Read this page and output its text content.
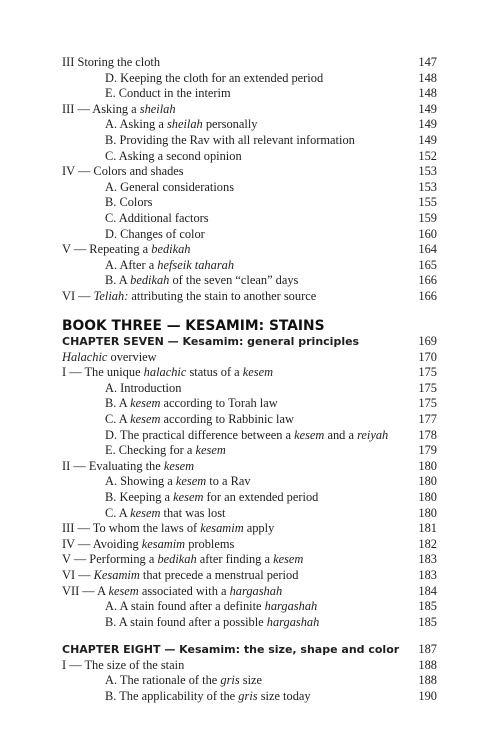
III Storing the cloth	147
D. Keeping the cloth for an extended period	148
E. Conduct in the interim	148
III — Asking a sheilah	149
A. Asking a sheilah personally	149
B. Providing the Rav with all relevant information	149
C. Asking a second opinion	152
IV — Colors and shades	153
A. General considerations	153
B. Colors	155
C. Additional factors	159
D. Changes of color	160
V — Repeating a bedikah	164
A. After a hefseik taharah	165
B. A bedikah of the seven “clean” days	166
VI — Teliah: attributing the stain to another source	166
BOOK THREE — KESAMIM: STAINS
CHAPTER SEVEN — Kesamim: general principles	169
Halachic overview	170
I — The unique halachic status of a kesem	175
A. Introduction	175
B. A kesem according to Torah law	175
C. A kesem according to Rabbinic law	177
D. The practical difference between a kesem and a reiyah 178
E. Checking for a kesem	179
II — Evaluating the kesem	180
A. Showing a kesem to a Rav	180
B. Keeping a kesem for an extended period	180
C. A kesem that was lost	180
III — To whom the laws of kesamim apply	181
IV — Avoiding kesamim problems	182
V — Performing a bedikah after finding a kesem	183
VI — Kesamim that precede a menstrual period	183
VII — A kesem associated with a hargashah	184
A. A stain found after a definite hargashah	185
B. A stain found after a possible hargashah	185
CHAPTER EIGHT — Kesamim: the size, shape and color 187
I — The size of the stain	188
A. The rationale of the gris size	188
B. The applicability of the gris size today	190
